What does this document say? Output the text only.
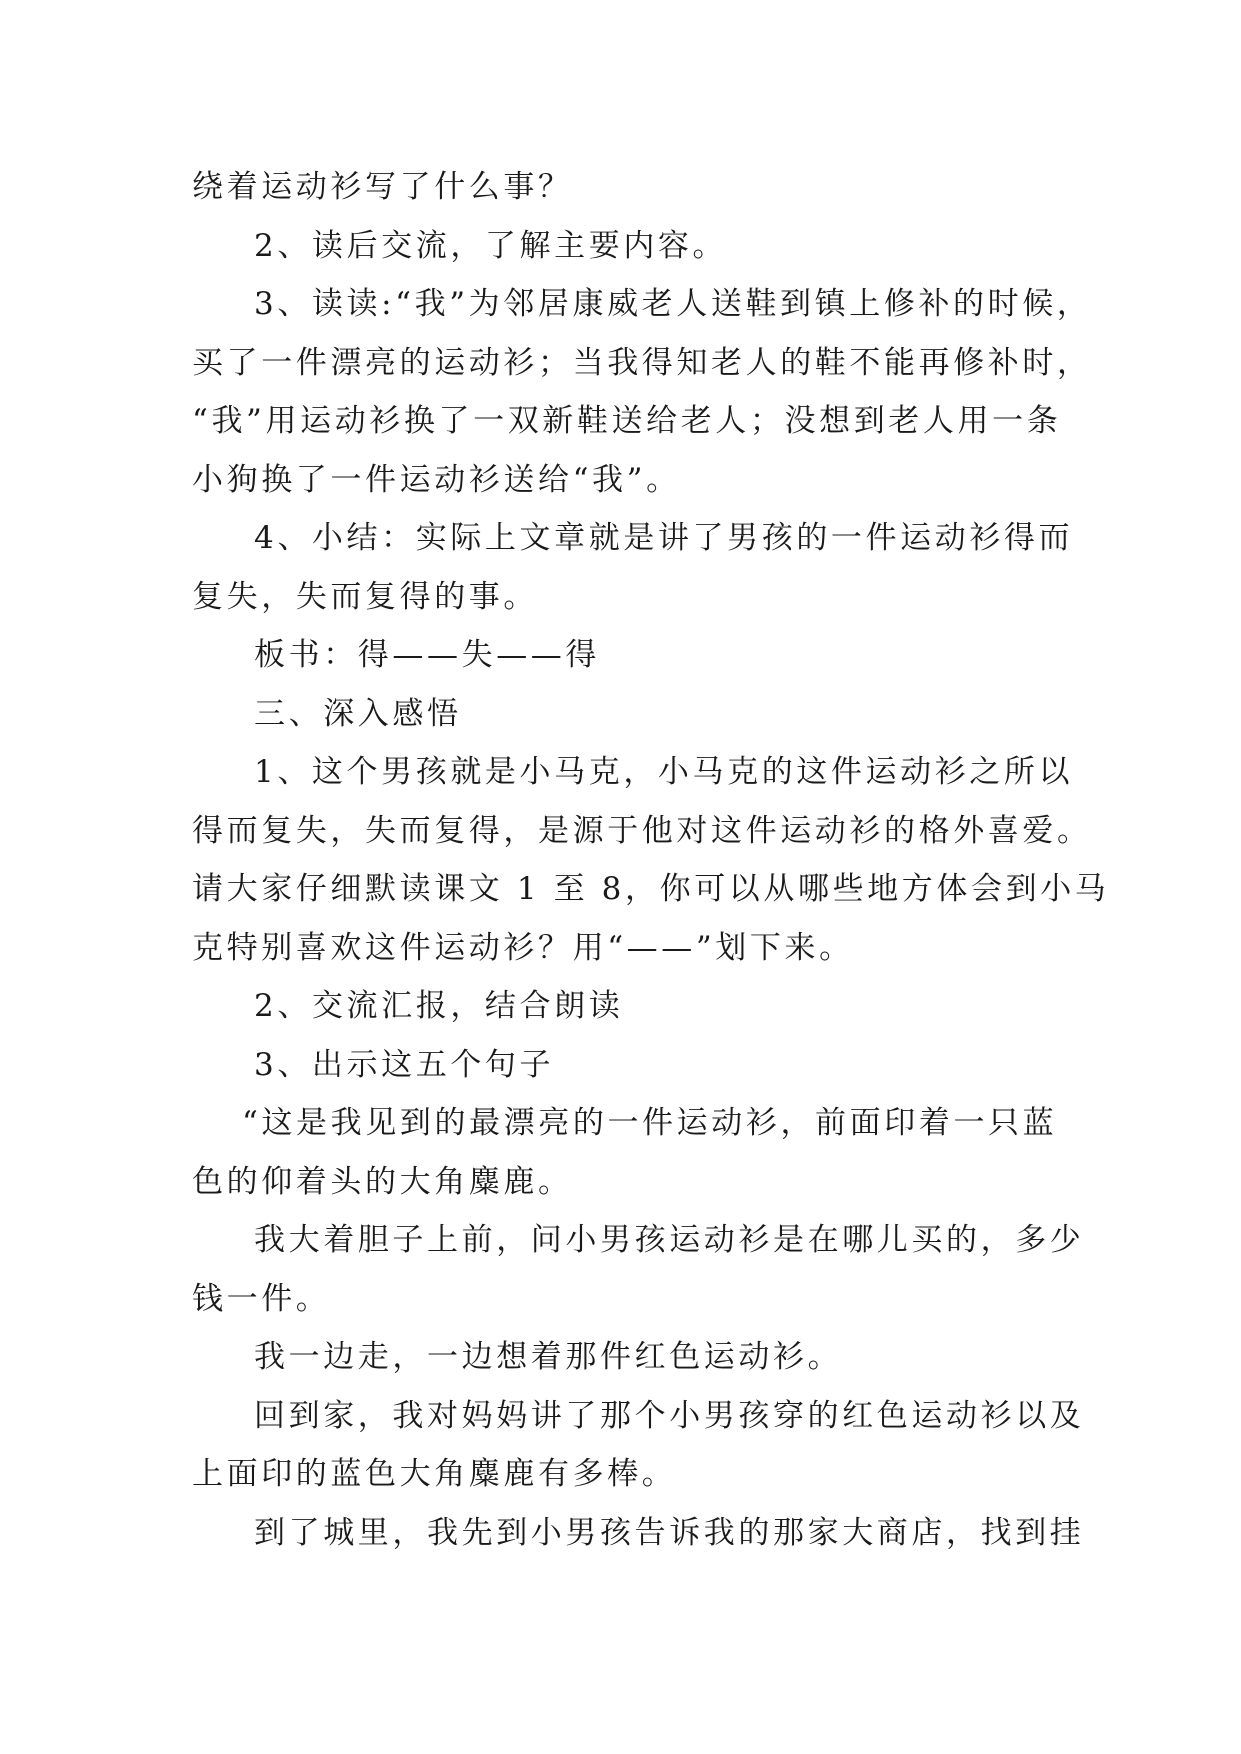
绕着运动衫写了什么事？

2、读后交流，了解主要内容。

3、读读:“我”为邻居康威老人送鞋到镇上修补的时候，

买了一件漂亮的运动衫；当我得知老人的鞋不能再修补时，

“我”用运动衫换了一双新鞋送给老人；没想到老人用一条

小狗换了一件运动衫送给“我”。

4、小结：实际上文章就是讲了男孩的一件运动衫得而

复失，失而复得的事。

板书：得——失——得

三、深入感悟

1、这个男孩就是小马克，小马克的这件运动衫之所以

得而复失，失而复得，是源于他对这件运动衫的格外喜爱。

请大家仔细默读课文 1 至 8，你可以从哪些地方体会到小马

克特别喜欢这件运动衫？用“——”划下来。

2、交流汇报，结合朗读

3、出示这五个句子

“这是我见到的最漂亮的一件运动衫，前面印着一只蓝

色的仰着头的大角麋鹿。

我大着胆子上前，问小男孩运动衫是在哪儿买的，多少

钱一件。

我一边走，一边想着那件红色运动衫。

回到家，我对妈妈讲了那个小男孩穿的红色运动衫以及

上面印的蓝色大角麋鹿有多棒。

到了城里，我先到小男孩告诉我的那家大商店，找到挂
